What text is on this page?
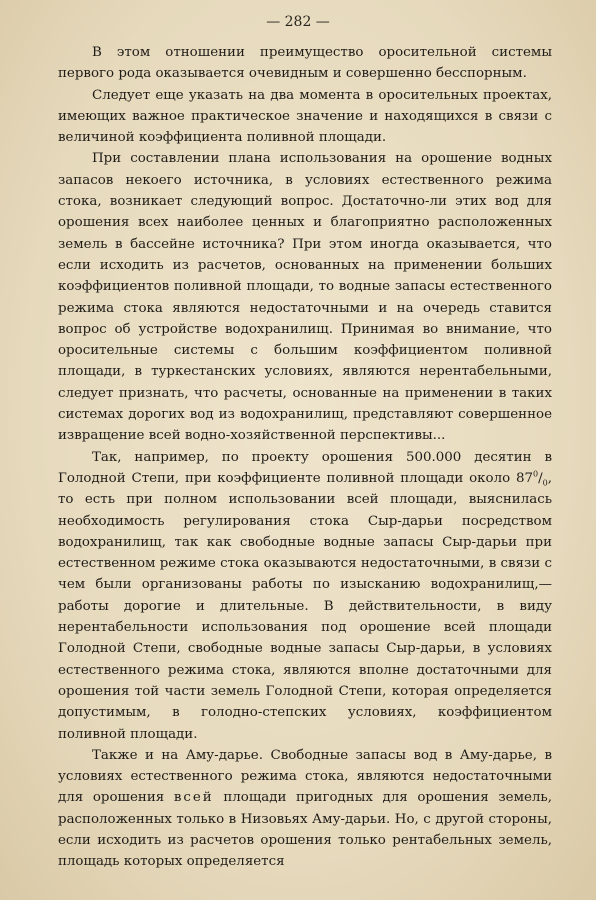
— 282 —

В этом отношении преимущество оросительной системы первого рода оказывается очевидным и совершенно бесспорным.

Следует еще указать на два момента в оросительных проектах, имеющих важное практическое значение и находящихся в связи с величиной коэффициента поливной площади.

При составлении плана использования на орошение водных запасов некоего источника, в условиях естественного режима стока, возникает следующий вопрос. Достаточно-ли этих вод для орошения всех наиболее ценных и благоприятно расположенных земель в бассейне источника? При этом иногда оказывается, что если исходить из расчетов, основанных на применении больших коэффициентов поливной площади, то водные запасы естественного режима стока являются недостаточными и на очередь ставится вопрос об устройстве водохранилищ. Принимая во внимание, что оросительные системы с большим коэффициентом поливной площади, в туркестанских условиях, являются нерентабельными, следует признать, что расчеты, основанные на применении в таких системах дорогих вод из водохранилищ, представляют совершенное извращение всей водно-хозяйственной перспективы...

Так, например, по проекту орошения 500.000 десятин в Голодной Степи, при коэффициенте поливной площади около $87^0/_0$, то есть при полном использовании всей площади, выяснилась необходимость регулирования стока Сыр-дарьи посредством водохранилищ, так как свободные водные запасы Сыр-дарьи при естественном режиме стока оказываются недостаточными, в связи с чем были организованы работы по изысканию водохранилищ,—работы дорогие и длительные. В действительности, в виду нерентабельности использования под орошение всей площади Голодной Степи, свободные водные запасы Сыр-дарьи, в условиях естественного режима стока, являются вполне достаточными для орошения той части земель Голодной Степи, которая определяется допустимым, в голодно-степских условиях, коэффициентом поливной площади.

Также и на Аму-дарье. Свободные запасы вод в Аму-дарье, в условиях естественного режима стока, являются недостаточными для орошения всей площади пригодных для орошения земель, расположенных только в Низовьях Аму-дарьи. Но, с другой стороны, если исходить из расчетов орошения только рентабельных земель, площадь которых определяется
